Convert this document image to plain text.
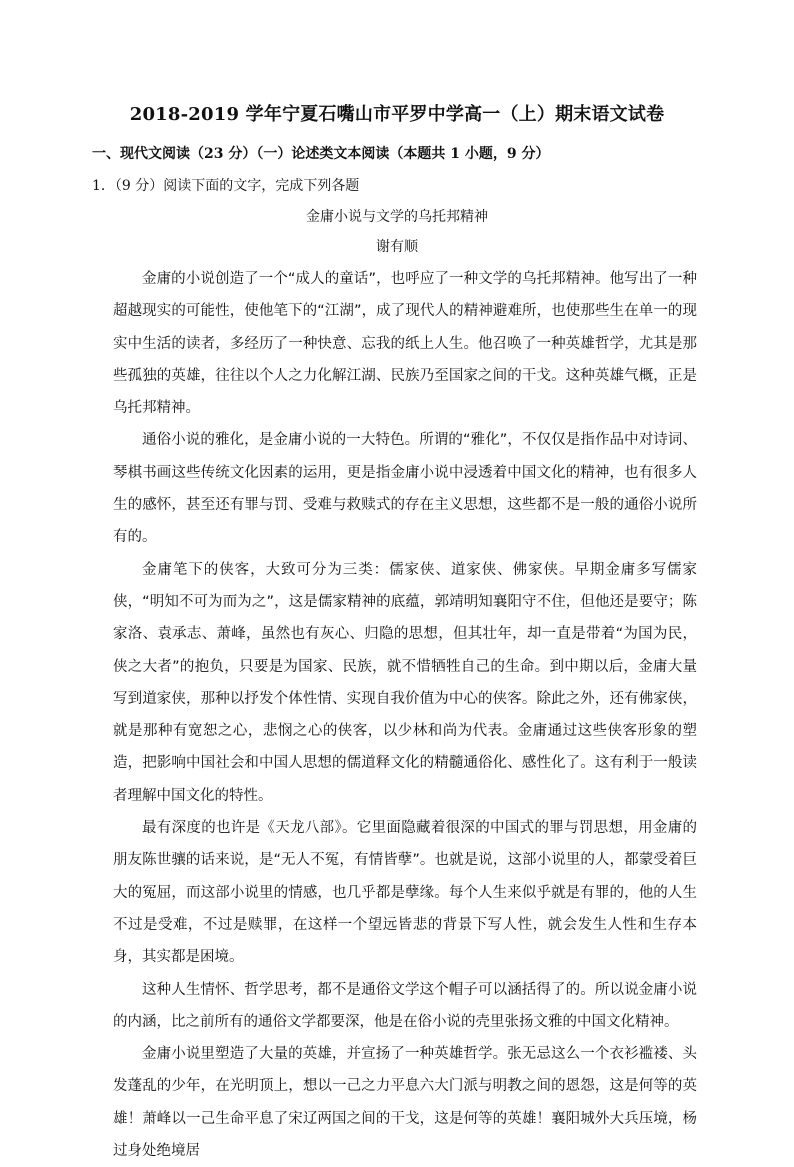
2018-2019 学年宁夏石嘴山市平罗中学高一（上）期末语文试卷
一、现代文阅读（23 分）（一）论述类文本阅读（本题共 1 小题，9 分）
1．（9 分）阅读下面的文字，完成下列各题
金庸小说与文学的乌托邦精神
谢有顺

金庸的小说创造了一个“成人的童话”，也呼应了一种文学的乌托邦精神。他写出了一种超越现实的可能性，使他笔下的“江湖”，成了现代人的精神避难所，也使那些生在单一的现实中生活的读者，多经历了一种快意、忘我的纸上人生。他召唤了一种英雄哲学，尤其是那些孤独的英雄，往往以个人之力化解江湖、民族乃至国家之间的干戈。这种英雄气概，正是乌托邦精神。

通俗小说的雅化，是金庸小说的一大特色。所谓的“雅化”，不仅仅是指作品中对诗词、琴棋书画这些传统文化因素的运用，更是指金庸小说中浸透着中国文化的精神，也有很多人生的感怀，甚至还有罪与罚、受难与救赎式的存在主义思想，这些都不是一般的通俗小说所有的。

金庸笔下的侠客，大致可分为三类：儒家侠、道家侠、佛家侠。早期金庸多写儒家侠，“明知不可为而为之”，这是儒家精神的底蕴，郭靖明知襄阳守不住，但他还是要守；陈家洛、袁承志、萧峰，虽然也有灰心、归隐的思想，但其壮年，却一直是带着“为国为民，侠之大者”的抱负，只要是为国家、民族，就不惜牺牲自己的生命。到中期以后，金庸大量写到道家侠，那种以抒发个体性情、实现自我价值为中心的侠客。除此之外，还有佛家侠，就是那种有宽恕之心，悲悯之心的侠客，以少林和尚为代表。金庸通过这些侠客形象的塑造，把影响中国社会和中国人思想的儒道释文化的精髓通俗化、感性化了。这有利于一般读者理解中国文化的特性。

最有深度的也许是《天龙八部》。它里面隐藏着很深的中国式的罪与罚思想，用金庸的朋友陈世骧的话来说，是“无人不冤，有情皆孽”。也就是说，这部小说里的人，都蒙受着巨大的冤屈，而这部小说里的情感，也几乎都是孽缘。每个人生来似乎就是有罪的，他的人生不过是受难，不过是赎罪，在这样一个望远皆悲的背景下写人性，就会发生人性和生存本身，其实都是困境。

这种人生情怀、哲学思考，都不是通俗文学这个帽子可以涵括得了的。所以说金庸小说的内涵，比之前所有的通俗文学都要深，他是在俗小说的壳里张扬文雅的中国文化精神。

金庸小说里塑造了大量的英雄，并宣扬了一种英雄哲学。张无忌这么一个衣衫褴褛、头发蓬乱的少年，在光明顶上，想以一己之力平息六大门派与明教之间的恩怨，这是何等的英雄！萧峰以一己生命平息了宋辽两国之间的干戈，这是何等的英雄！襄阳城外大兵压境，杨过身处绝境居
